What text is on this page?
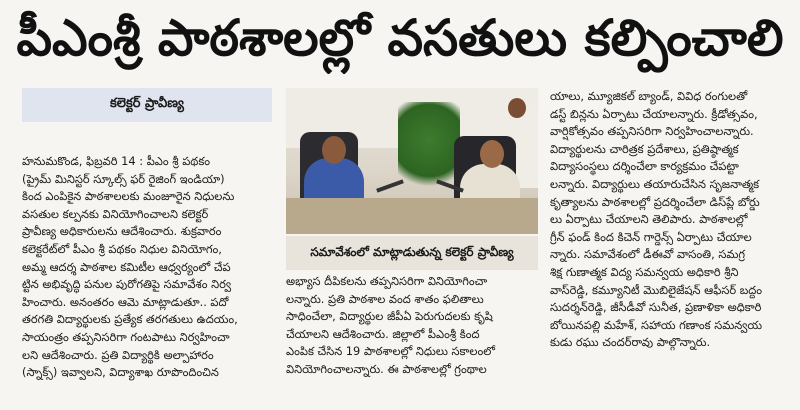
పీఎంశ్రీ పాఠశాలల్లో వసతులు కల్పించాలి
కలెక్టర్ ప్రావీణ్య
హనుమకొండ, ఫిబ్రవరి 14 : పీఎం శ్రీ పథకం
(ప్రైమ్ మినిస్టర్ స్కూల్స్ ఫర్ రైజింగ్ ఇండియా)
కింద ఎంపికైన పాఠశాలలకు మంజూరైన నిధులను
వసతుల కల్పనకు వినియోగించాలని కలెక్టర్
ప్రావీణ్య అధికారులను ఆదేశించారు. శుక్రవారం
కలెక్టరేట్‌లో పీఎం శ్రీ పథకం నిధుల వినియోగం,
అమ్మ ఆదర్శ పాఠశాల కమిటీల ఆధ్వర్యంలో చేప
ట్టిన అభివృద్ధి పనుల పురోగతిపై సమావేశం నిర్వ
హించారు. అనంతరం ఆమె మాట్లాడుతూ.. పదో
తరగతి విద్యార్థులకు ప్రత్యేక తరగతులు ఉదయం,
సాయంత్రం తప్పనిసరిగా గంటపాటు నిర్వహించా
లని ఆదేశించారు. ప్రతి విద్యార్థికి అల్పాహారం
(స్నాక్స్) ఇవ్వాలని, విద్యాశాఖ రూపొందించిన
సమావేశంలో మాట్లాడుతున్న కలెక్టర్ ప్రావీణ్య
అభ్యాస దీపికలను తప్పనిసరిగా వినియోగించా
లన్నారు. ప్రతి పాఠశాల వంద శాతం ఫలితాలు
సాధించేలా, విద్యార్థుల జీపీఏ పెరుగుదలకు కృషి
చేయాలని ఆదేశించారు. జిల్లాలో పీఎంశ్రీ కింద
ఎంపిక చేసిన 19 పాఠశాలల్లో నిధులు సకాలంలో
వినియోగించాలన్నారు. ఈ పాఠశాలల్లో గ్రంథాల
యాలు, మ్యూజికల్ బ్యాండ్, వివిధ రంగులతో
డస్ట్ బిన్లను ఏర్పాటు చేయాలన్నారు. క్రీడోత్సవం,
వార్షికోత్సవం తప్పనిసరిగా నిర్వహించాలన్నారు.
విద్యార్థులను చారిత్రక ప్రదేశాలు, ప్రతిష్ఠాత్మక
విద్యాసంస్థలు దర్శించేలా కార్యక్రమం చేపట్టా
లన్నారు. విద్యార్థులు తయారుచేసిన సృజనాత్మక
కృత్యాలను పాఠశాలల్లో ప్రదర్శించేలా డిస్‌ప్లే బోర్డు
లు ఏర్పాటు చేయాలని తెలిపారు. పాఠశాలల్లో
గ్రీన్ ఫండ్ కింద కిచెన్ గార్డెన్స్ ఏర్పాటు చేయాల
న్నారు. సమావేశంలో డీఈవో వాసంతి, సమగ్ర
శిక్ష గుణాత్మక విద్య సమన్వయ అధికారి శ్రీని
వాస్‌రెడ్డి, కమ్యూనిటీ మొబిలైజేషన్ ఆఫీసర్ బద్దం
సుదర్శన్‌రెడ్డి, జీసీడీవో సునీత, ప్రణాళికా అధికారి
బోయినపల్లి మహేశ్, సహాయ గణాంక సమన్వయ
కుడు రఘు చందర్‌రావు పాల్గొన్నారు.
